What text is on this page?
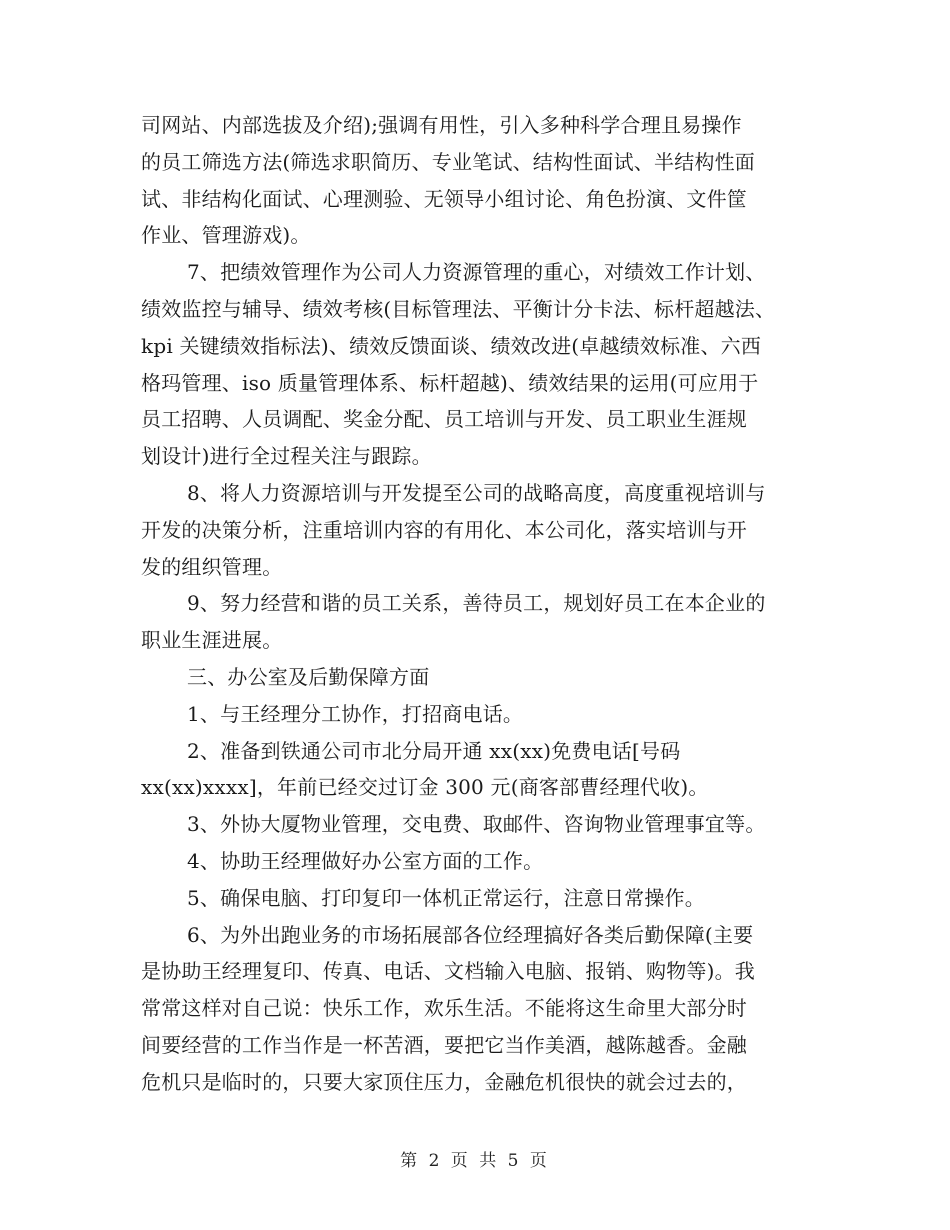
司网站、内部选拔及介绍);强调有用性，引入多种科学合理且易操作
的员工筛选方法(筛选求职简历、专业笔试、结构性面试、半结构性面
试、非结构化面试、心理测验、无领导小组讨论、角色扮演、文件筐
作业、管理游戏)。
7、把绩效管理作为公司人力资源管理的重心，对绩效工作计划、
绩效监控与辅导、绩效考核(目标管理法、平衡计分卡法、标杆超越法、
kpi 关键绩效指标法)、绩效反馈面谈、绩效改进(卓越绩效标准、六西
格玛管理、iso 质量管理体系、标杆超越)、绩效结果的运用(可应用于
员工招聘、人员调配、奖金分配、员工培训与开发、员工职业生涯规
划设计)进行全过程关注与跟踪。
8、将人力资源培训与开发提至公司的战略高度，高度重视培训与
开发的决策分析，注重培训内容的有用化、本公司化，落实培训与开
发的组织管理。
9、努力经营和谐的员工关系，善待员工，规划好员工在本企业的
职业生涯进展。
三、办公室及后勤保障方面
1、与王经理分工协作，打招商电话。
2、准备到铁通公司市北分局开通 xx(xx)免费电话[号码
xx(xx)xxxx]，年前已经交过订金 300 元(商客部曹经理代收)。
3、外协大厦物业管理，交电费、取邮件、咨询物业管理事宜等。
4、协助王经理做好办公室方面的工作。
5、确保电脑、打印复印一体机正常运行，注意日常操作。
6、为外出跑业务的市场拓展部各位经理搞好各类后勤保障(主要
是协助王经理复印、传真、电话、文档输入电脑、报销、购物等)。我
常常这样对自己说：快乐工作，欢乐生活。不能将这生命里大部分时
间要经营的工作当作是一杯苦酒，要把它当作美酒，越陈越香。金融
危机只是临时的，只要大家顶住压力，金融危机很快的就会过去的，
第 2 页 共 5 页
